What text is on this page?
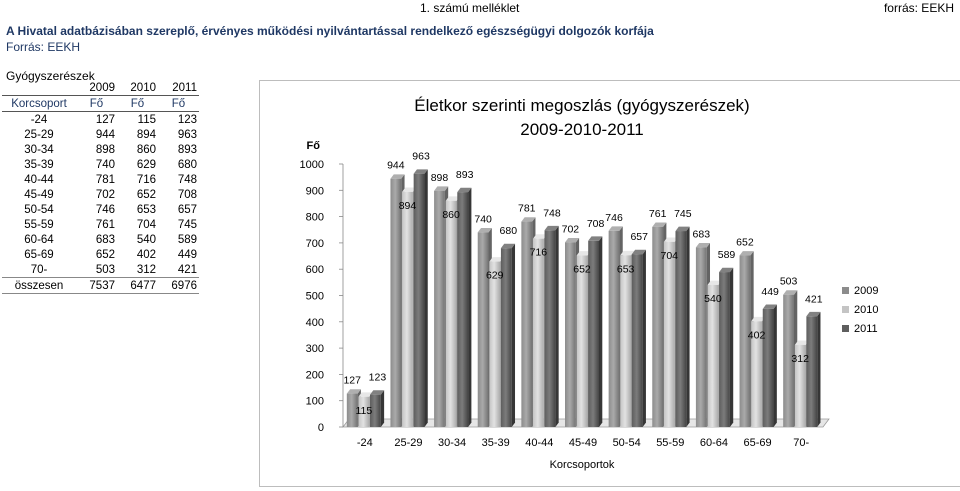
1. számú melléklet	forrás: EEKH
A Hivatal adatbázisában szereplő, érvényes működési nyilvántartással rendelkező egészségügyi dolgozók korfája
Forrás: EEKH
Gyógyszerészek
	2009	2010	2011
Korcsoport	Fő	Fő	Fő
-24	127	115	123
25-29	944	894	963
30-34	898	860	893
35-39	740	629	680
40-44	781	716	748
45-49	702	652	708
50-54	746	653	657
55-59	761	704	745
60-64	683	540	589
65-69	652	402	449
70-	503	312	421
összesen	7537	6477	6976
Életkor szerinti megoszlás (gyógyszerészek)
2009-2010-2011
0
100
200
300
400
500
600
700
800
900
1000
Fő
-24 25-29 30-34 35-39 40-44 45-49 50-54 55-59 60-64 65-69 70-
Korcsoportok
127
944
898
740
781
702
746 761
683
652
503
115
894
860
629
716
652 653
704
540
402
312
123
963
893
680
748
708
657
745
589
449
421
2009
2010
2011
